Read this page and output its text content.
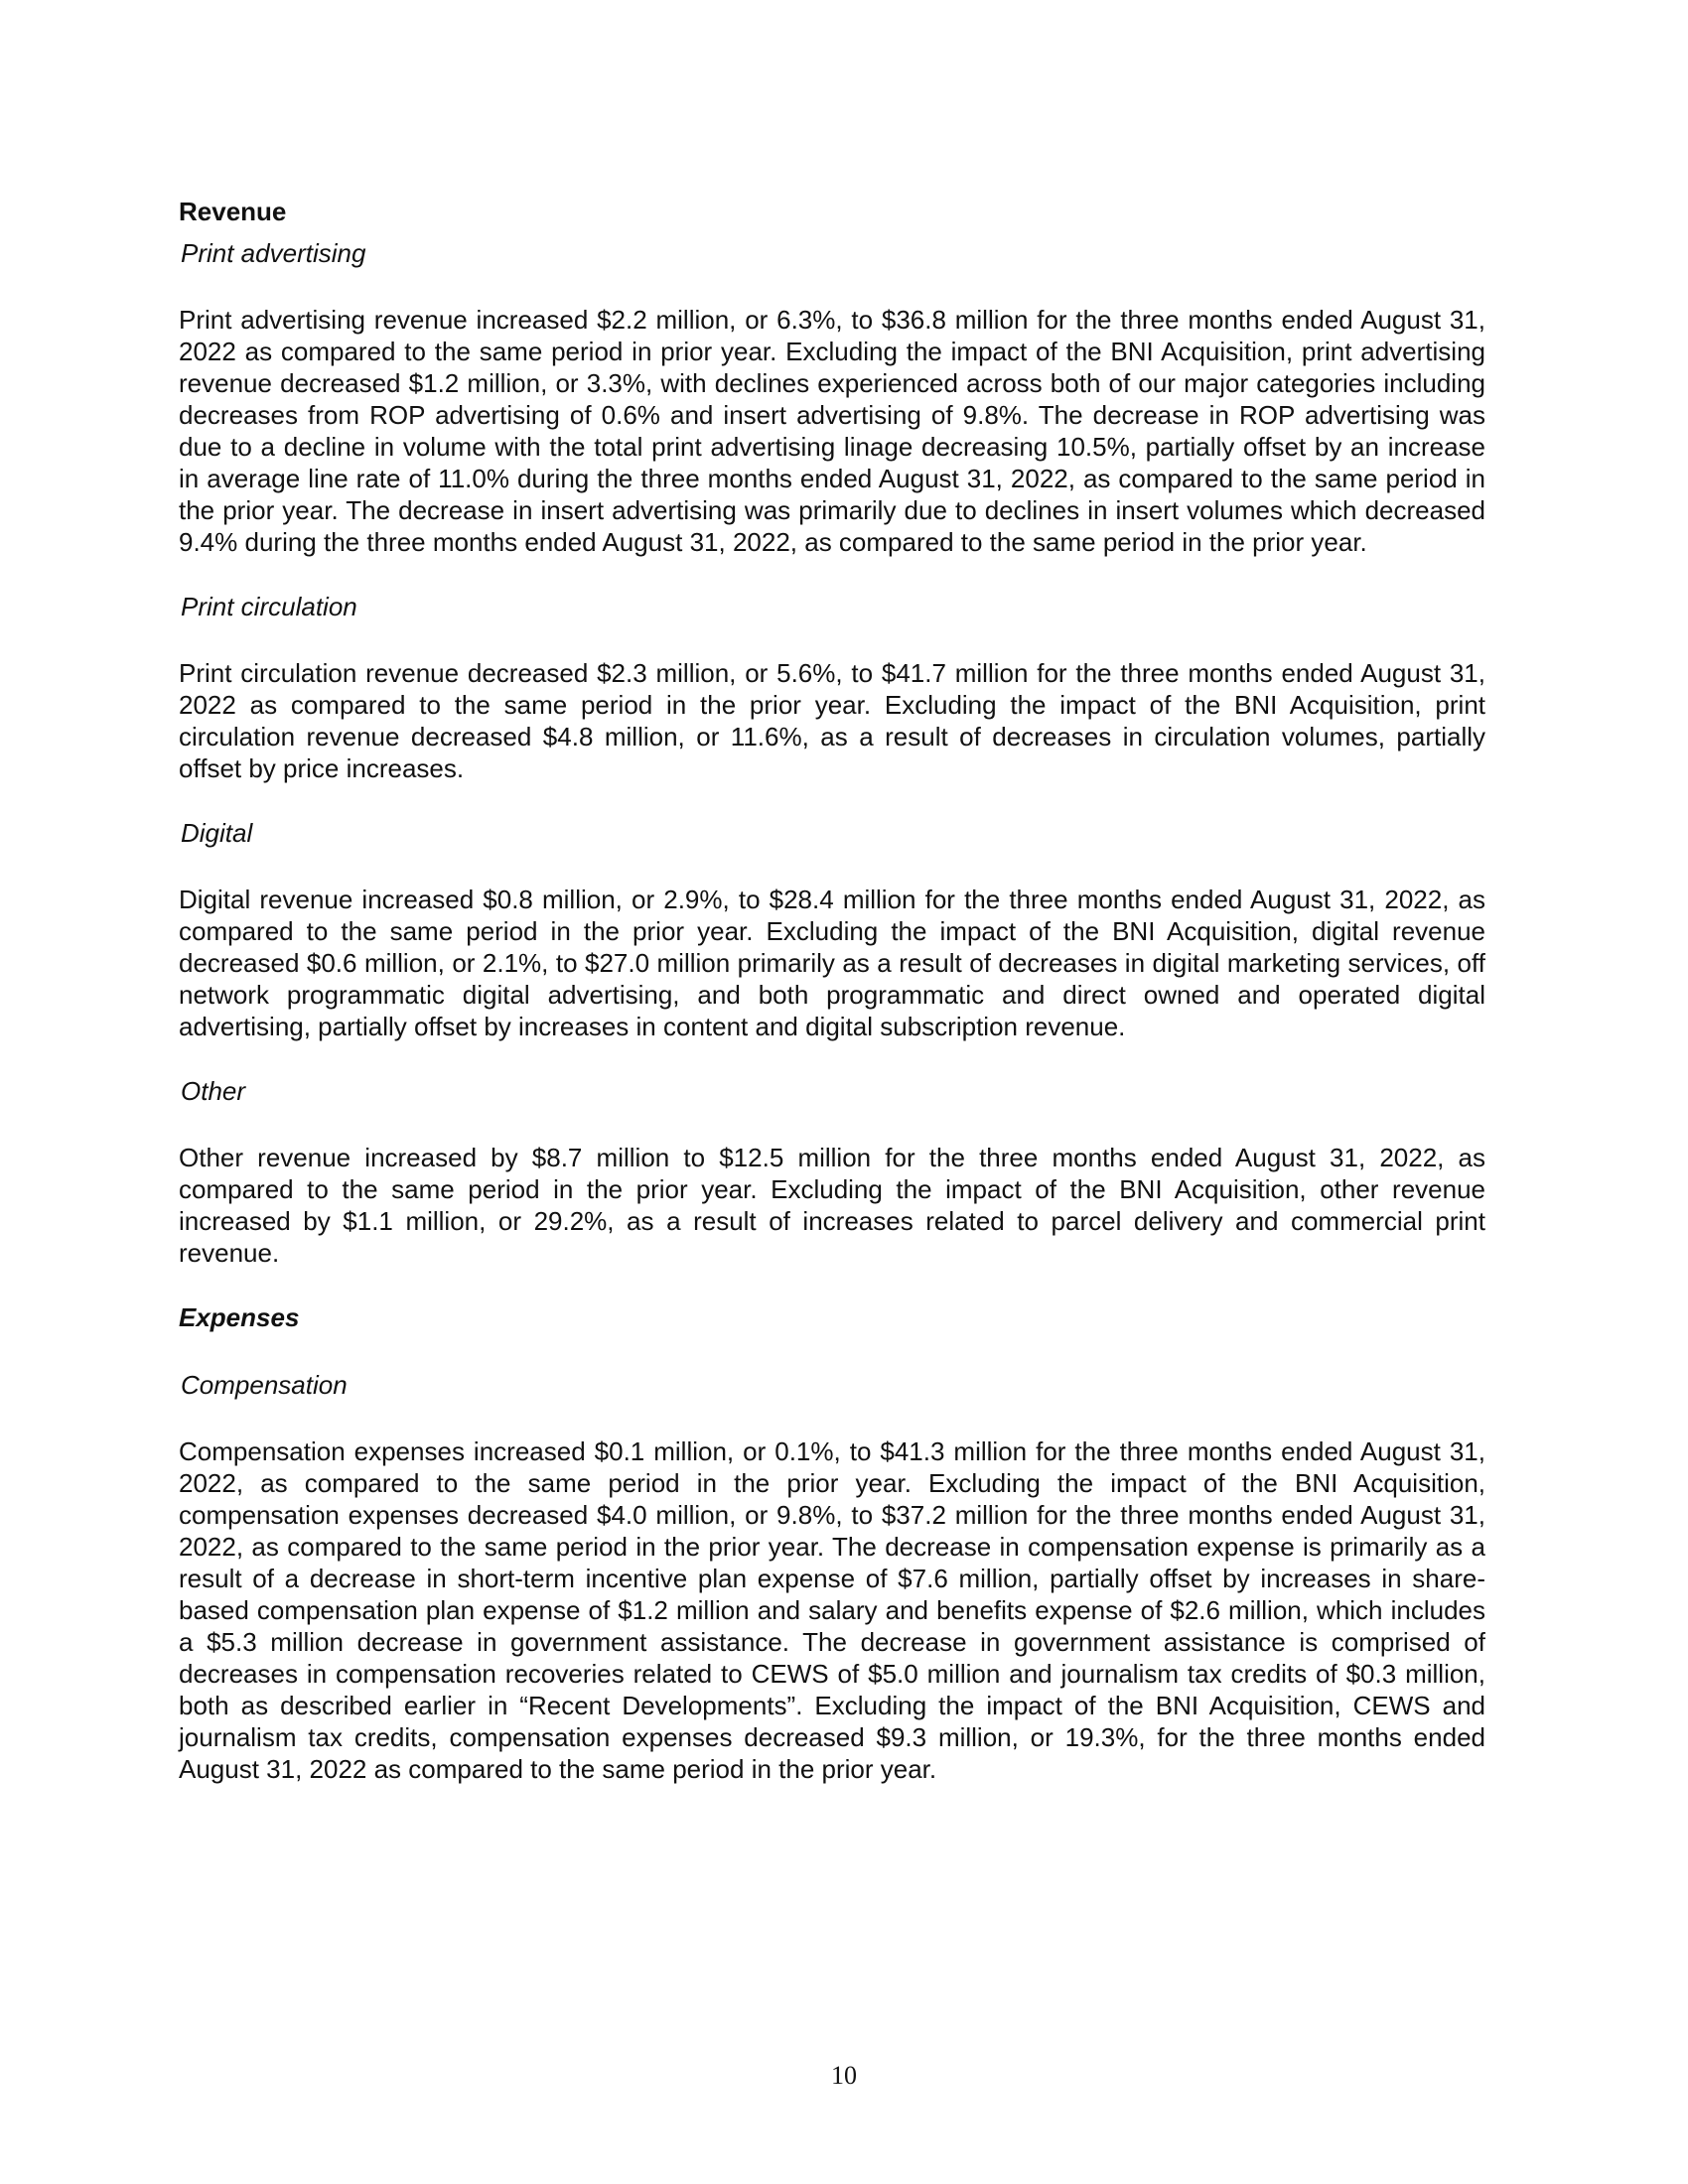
Revenue
Print advertising

Print advertising revenue increased $2.2 million, or 6.3%, to $36.8 million for the three months ended August 31, 2022 as compared to the same period in prior year. Excluding the impact of the BNI Acquisition, print advertising revenue decreased $1.2 million, or 3.3%, with declines experienced across both of our major categories including decreases from ROP advertising of 0.6% and insert advertising of 9.8%. The decrease in ROP advertising was due to a decline in volume with the total print advertising linage decreasing 10.5%, partially offset by an increase in average line rate of 11.0% during the three months ended August 31, 2022, as compared to the same period in the prior year. The decrease in insert advertising was primarily due to declines in insert volumes which decreased 9.4% during the three months ended August 31, 2022, as compared to the same period in the prior year.

Print circulation

Print circulation revenue decreased $2.3 million, or 5.6%, to $41.7 million for the three months ended August 31, 2022 as compared to the same period in the prior year. Excluding the impact of the BNI Acquisition, print circulation revenue decreased $4.8 million, or 11.6%, as a result of decreases in circulation volumes, partially offset by price increases.

Digital

Digital revenue increased $0.8 million, or 2.9%, to $28.4 million for the three months ended August 31, 2022, as compared to the same period in the prior year. Excluding the impact of the BNI Acquisition, digital revenue decreased $0.6 million, or 2.1%, to $27.0 million primarily as a result of decreases in digital marketing services, off network programmatic digital advertising, and both programmatic and direct owned and operated digital advertising, partially offset by increases in content and digital subscription revenue.

Other

Other revenue increased by $8.7 million to $12.5 million for the three months ended August 31, 2022, as compared to the same period in the prior year. Excluding the impact of the BNI Acquisition, other revenue increased by $1.1 million, or 29.2%, as a result of increases related to parcel delivery and commercial print revenue.

Expenses
Compensation

Compensation expenses increased $0.1 million, or 0.1%, to $41.3 million for the three months ended August 31, 2022, as compared to the same period in the prior year. Excluding the impact of the BNI Acquisition, compensation expenses decreased $4.0 million, or 9.8%, to $37.2 million for the three months ended August 31, 2022, as compared to the same period in the prior year. The decrease in compensation expense is primarily as a result of a decrease in short-term incentive plan expense of $7.6 million, partially offset by increases in share-based compensation plan expense of $1.2 million and salary and benefits expense of $2.6 million, which includes a $5.3 million decrease in government assistance. The decrease in government assistance is comprised of decreases in compensation recoveries related to CEWS of $5.0 million and journalism tax credits of $0.3 million, both as described earlier in “Recent Developments”. Excluding the impact of the BNI Acquisition, CEWS and journalism tax credits, compensation expenses decreased $9.3 million, or 19.3%, for the three months ended August 31, 2022 as compared to the same period in the prior year.

10
